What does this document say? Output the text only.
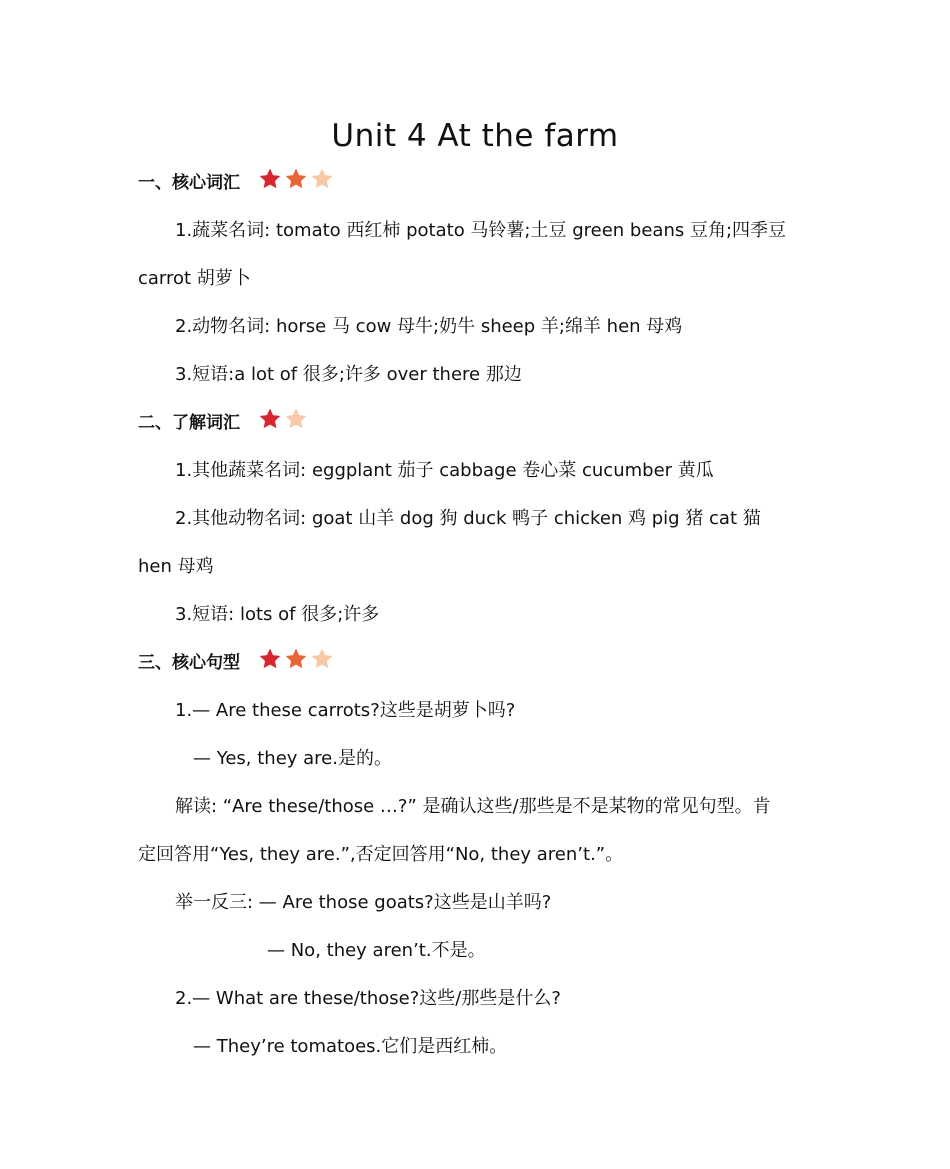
Unit 4 At the farm
一、核心词汇
1.蔬菜名词: tomato 西红柿 potato 马铃薯;土豆 green beans 豆角;四季豆
carrot 胡萝卜
2.动物名词: horse 马 cow 母牛;奶牛 sheep 羊;绵羊 hen 母鸡
3.短语:a lot of 很多;许多 over there 那边
二、了解词汇
1.其他蔬菜名词: eggplant 茄子 cabbage 卷心菜 cucumber 黄瓜
2.其他动物名词: goat 山羊 dog 狗 duck 鸭子 chicken 鸡 pig 猪 cat 猫
hen 母鸡
3.短语: lots of 很多;许多
三、核心句型
1.— Are these carrots?这些是胡萝卜吗?
— Yes, they are.是的。
解读: “Are these/those …?” 是确认这些/那些是不是某物的常见句型。肯
定回答用“Yes, they are.”,否定回答用“No, they aren’t.”。
举一反三: — Are those goats?这些是山羊吗?
— No, they aren’t.不是。
2.— What are these/those?这些/那些是什么?
— They’re tomatoes.它们是西红柿。
